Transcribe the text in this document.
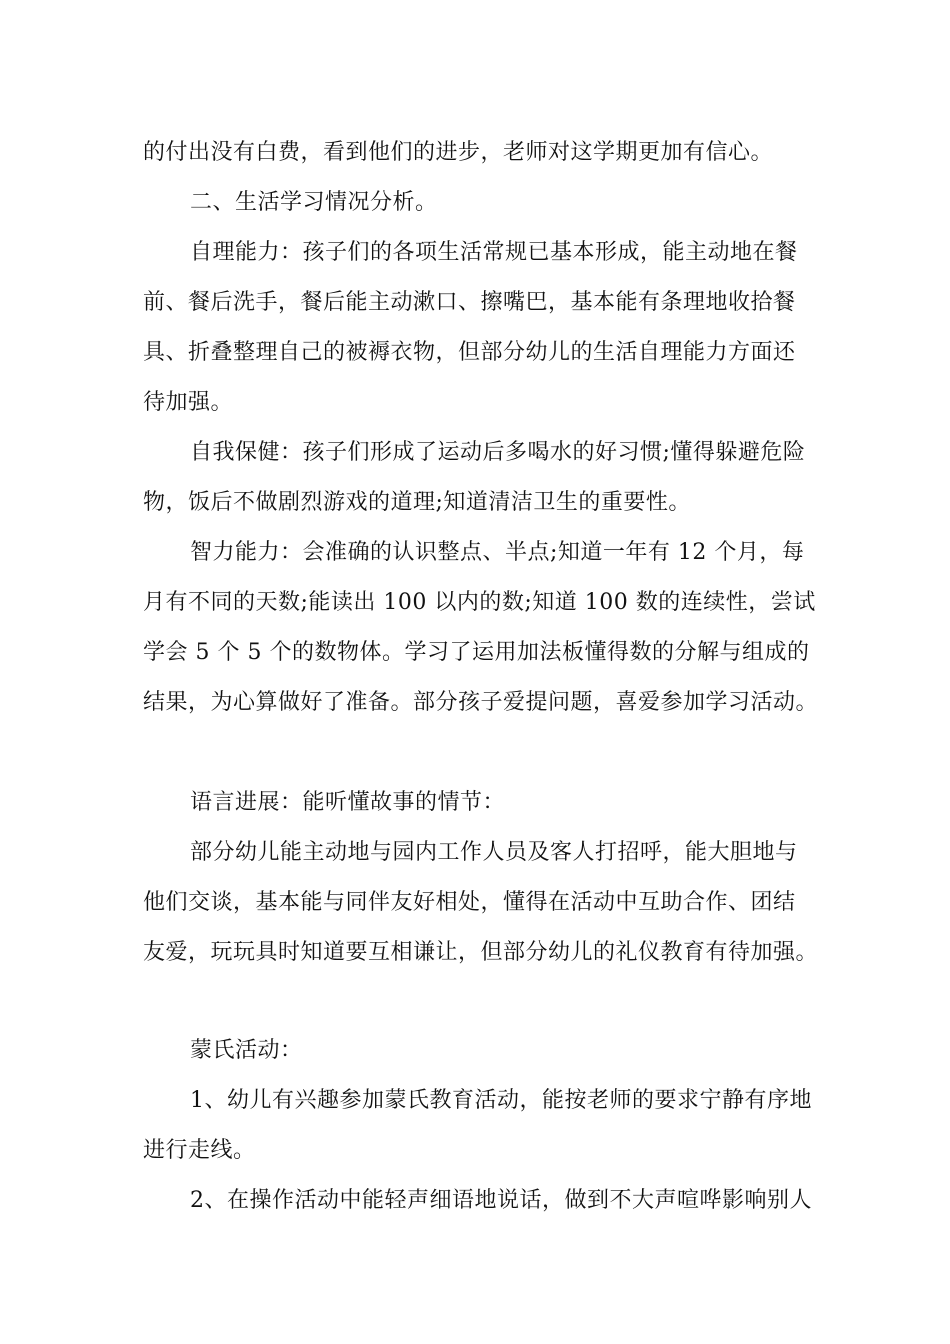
的付出没有白费，看到他们的进步，老师对这学期更加有信心。
二、生活学习情况分析。
自理能力：孩子们的各项生活常规已基本形成，能主动地在餐
前、餐后洗手，餐后能主动漱口、擦嘴巴，基本能有条理地收拾餐
具、折叠整理自己的被褥衣物，但部分幼儿的生活自理能力方面还
待加强。
自我保健：孩子们形成了运动后多喝水的好习惯;懂得躲避危险
物，饭后不做剧烈游戏的道理;知道清洁卫生的重要性。
智力能力：会准确的认识整点、半点;知道一年有 12 个月，每
月有不同的天数;能读出 100 以内的数;知道 100 数的连续性，尝试
学会 5 个 5 个的数物体。学习了运用加法板懂得数的分解与组成的
结果，为心算做好了准备。部分孩子爱提问题，喜爱参加学习活动。
语言进展：能听懂故事的情节：
部分幼儿能主动地与园内工作人员及客人打招呼，能大胆地与
他们交谈，基本能与同伴友好相处，懂得在活动中互助合作、团结
友爱，玩玩具时知道要互相谦让，但部分幼儿的礼仪教育有待加强。
蒙氏活动：
1、幼儿有兴趣参加蒙氏教育活动，能按老师的要求宁静有序地
进行走线。
2、在操作活动中能轻声细语地说话，做到不大声喧哗影响别人
